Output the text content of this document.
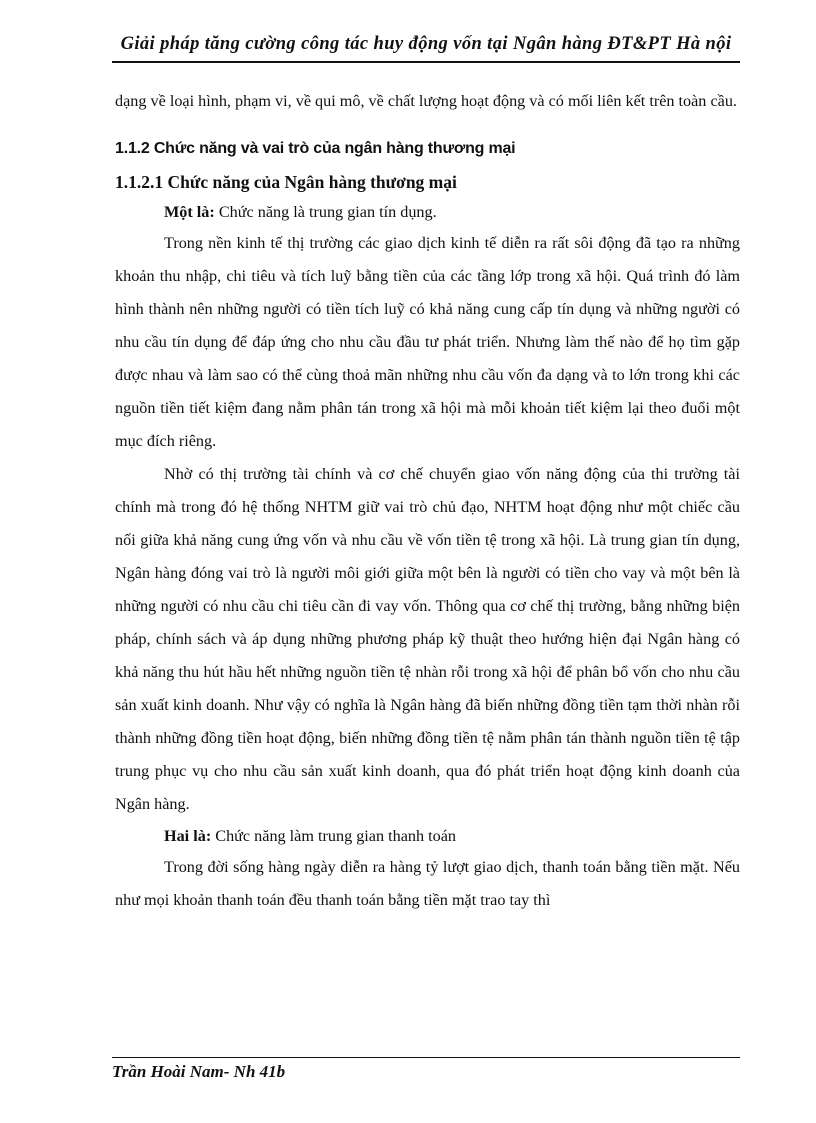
Giải pháp tăng cường công tác huy động vốn tại Ngân hàng ĐT&PT Hà nội

dạng về loại hình, phạm vi, về qui mô, về chất lượng hoạt động và có mối liên kết trên toàn cầu.

1.1.2 Chức năng và vai trò của ngân hàng thương mại
1.1.2.1 Chức năng của Ngân hàng thương mại

Một là: Chức năng là trung gian tín dụng.

Trong nền kinh tế thị trường các giao dịch kinh tế diễn ra rất sôi động đã tạo ra những khoản thu nhập, chi tiêu và tích luỹ bằng tiền của các tầng lớp trong xã hội. Quá trình đó làm hình thành nên những người có tiền tích luỹ có khả năng cung cấp tín dụng và những người có nhu cầu tín dụng để đáp ứng cho nhu cầu đầu tư phát triển. Nhưng làm thế nào để họ tìm gặp được nhau và làm sao có thể cùng thoả mãn những nhu cầu vốn đa dạng và to lớn trong khi các nguồn tiền tiết kiệm đang nằm phân tán trong xã hội mà mỗi khoản tiết kiệm lại theo đuổi một mục đích riêng.

Nhờ có thị trường tài chính và cơ chế chuyển giao vốn năng động của thi trường tài chính mà trong đó hệ thống NHTM giữ vai trò chủ đạo, NHTM hoạt động như một chiếc cầu nối giữa khả năng cung ứng vốn và nhu cầu về vốn tiền tệ trong xã hội. Là trung gian tín dụng, Ngân hàng đóng vai trò là người môi giới giữa một bên là người có tiền cho vay và một bên là những người có nhu cầu chi tiêu cần đi vay vốn. Thông qua cơ chế thị trường, bằng những biện pháp, chính sách và áp dụng những phương pháp kỹ thuật theo hướng hiện đại Ngân hàng có khả năng thu hút hầu hết những nguồn tiền tệ nhàn rỗi trong xã hội để phân bổ vốn cho nhu cầu sản xuất kinh doanh. Như vậy có nghĩa là Ngân hàng đã biến những đồng tiền tạm thời nhàn rỗi thành những đồng tiền hoạt động, biến những đồng tiền tệ nằm phân tán thành nguồn tiền tệ tập trung phục vụ cho nhu cầu sản xuất kinh doanh, qua đó phát triển hoạt động kinh doanh của Ngân hàng.

Hai là: Chức năng làm trung gian thanh toán

Trong đời sống hàng ngày diễn ra hàng tỷ lượt giao dịch, thanh toán bằng tiền mặt. Nếu như mọi khoản thanh toán đều thanh toán bằng tiền mặt trao tay thì

Trần Hoài Nam- Nh 41b
